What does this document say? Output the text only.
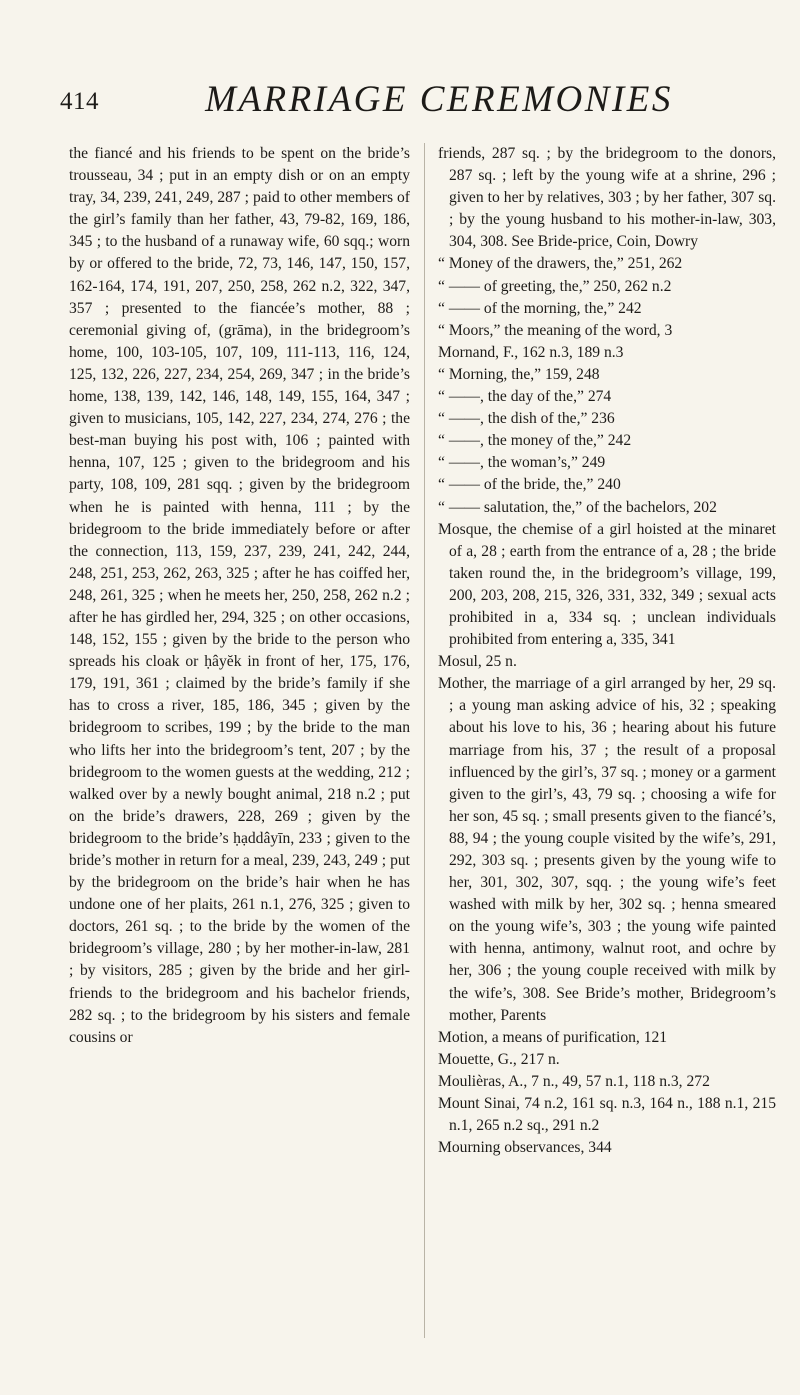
414	MARRIAGE CEREMONIES

the fiancé and his friends to be spent on the bride’s trousseau, 34 ; put in an empty dish or on an empty tray, 34, 239, 241, 249, 287 ; paid to other members of the girl’s family than her father, 43, 79-82, 169, 186, 345 ; to the husband of a runaway wife, 60 sqq.; worn by or offered to the bride, 72, 73, 146, 147, 150, 157, 162-164, 174, 191, 207, 250, 258, 262 n.2, 322, 347, 357 ; presented to the fiancée’s mother, 88 ; ceremonial giving of, (grāma), in the bridegroom’s home, 100, 103-105, 107, 109, 111-113, 116, 124, 125, 132, 226, 227, 234, 254, 269, 347 ; in the bride’s home, 138, 139, 142, 146, 148, 149, 155, 164, 347 ; given to musicians, 105, 142, 227, 234, 274, 276 ; the best-man buying his post with, 106 ; painted with henna, 107, 125 ; given to the bridegroom and his party, 108, 109, 281 sqq. ; given by the bridegroom when he is painted with henna, 111 ; by the bridegroom to the bride immediately before or after the connection, 113, 159, 237, 239, 241, 242, 244, 248, 251, 253, 262, 263, 325 ; after he has coiffed her, 248, 261, 325 ; when he meets her, 250, 258, 262 n.2 ; after he has girdled her, 294, 325 ; on other occasions, 148, 152, 155 ; given by the bride to the person who spreads his cloak or ḥâyĕk in front of her, 175, 176, 179, 191, 361 ; claimed by the bride’s family if she has to cross a river, 185, 186, 345 ; given by the bridegroom to scribes, 199 ; by the bride to the man who lifts her into the bridegroom’s tent, 207 ; by the bridegroom to the women guests at the wedding, 212 ; walked over by a newly bought animal, 218 n.2 ; put on the bride’s drawers, 228, 269 ; given by the bridegroom to the bride’s ḥạddâyīn, 233 ; given to the bride’s mother in return for a meal, 239, 243, 249 ; put by the bridegroom on the bride’s hair when he has undone one of her plaits, 261 n.1, 276, 325 ; given to doctors, 261 sq. ; to the bride by the women of the bridegroom’s village, 280 ; by her mother-in-law, 281 ; by visitors, 285 ; given by the bride and her girl-friends to the bridegroom and his bachelor friends, 282 sq. ; to the bridegroom by his sisters and female cousins or

friends, 287 sq. ; by the bridegroom to the donors, 287 sq. ; left by the young wife at a shrine, 296 ; given to her by relatives, 303 ; by her father, 307 sq. ; by the young husband to his mother-in-law, 303, 304, 308. See Bride-price, Coin, Dowry

“ Money of the drawers, the,” 251, 262

“ —— of greeting, the,” 250, 262 n.2

“ —— of the morning, the,” 242

“ Moors,” the meaning of the word, 3

Mornand, F., 162 n.3, 189 n.3

“ Morning, the,” 159, 248

“ ——, the day of the,” 274

“ ——, the dish of the,” 236

“ ——, the money of the,” 242

“ ——, the woman’s,” 249

“ —— of the bride, the,” 240

“ —— salutation, the,” of the bachelors, 202

Mosque, the chemise of a girl hoisted at the minaret of a, 28 ; earth from the entrance of a, 28 ; the bride taken round the, in the bridegroom’s village, 199, 200, 203, 208, 215, 326, 331, 332, 349 ; sexual acts prohibited in a, 334 sq. ; unclean individuals prohibited from entering a, 335, 341

Mosul, 25 n.

Mother, the marriage of a girl arranged by her, 29 sq. ; a young man asking advice of his, 32 ; speaking about his love to his, 36 ; hearing about his future marriage from his, 37 ; the result of a proposal influenced by the girl’s, 37 sq. ; money or a garment given to the girl’s, 43, 79 sq. ; choosing a wife for her son, 45 sq. ; small presents given to the fiancé’s, 88, 94 ; the young couple visited by the wife’s, 291, 292, 303 sq. ; presents given by the young wife to her, 301, 302, 307, sqq. ; the young wife’s feet washed with milk by her, 302 sq. ; henna smeared on the young wife’s, 303 ; the young wife painted with henna, antimony, walnut root, and ochre by her, 306 ; the young couple received with milk by the wife’s, 308. See Bride’s mother, Bridegroom’s mother, Parents

Motion, a means of purification, 121

Mouette, G., 217 n.

Moulièras, A., 7 n., 49, 57 n.1, 118 n.3, 272

Mount Sinai, 74 n.2, 161 sq. n.3, 164 n., 188 n.1, 215 n.1, 265 n.2 sq., 291 n.2

Mourning observances, 344
